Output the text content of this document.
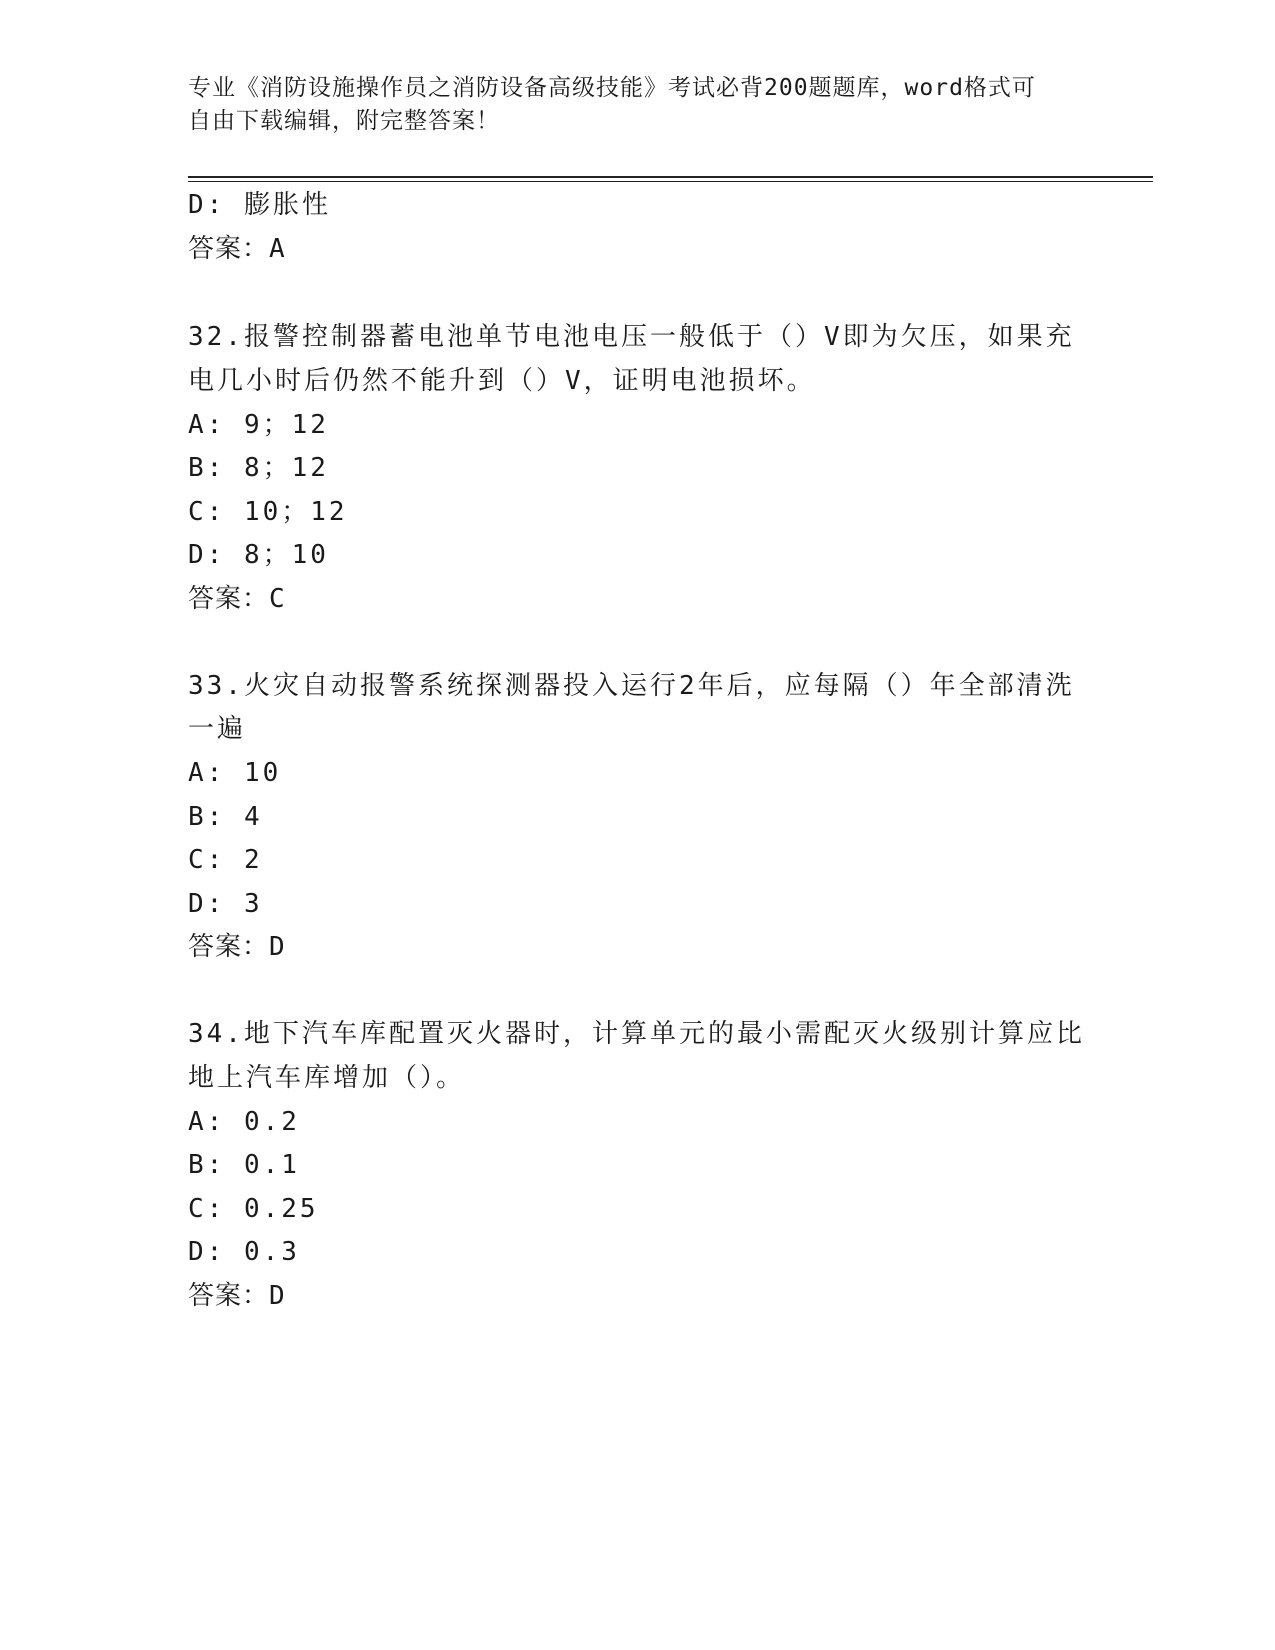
专业《消防设施操作员之消防设备高级技能》考试必背200题题库，word格式可
自由下载编辑，附完整答案！
D: 膨胀性
答案：A
32.报警控制器蓄电池单节电池电压一般低于（）V即为欠压，如果充
电几小时后仍然不能升到（）V，证明电池损坏。
A: 9；12
B: 8；12
C: 10；12
D: 8；10
答案：C
33.火灾自动报警系统探测器投入运行2年后，应每隔（）年全部清洗
一遍
A: 10
B: 4
C: 2
D: 3
答案：D
34.地下汽车库配置灭火器时，计算单元的最小需配灭火级别计算应比
地上汽车库增加（）。
A: 0.2
B: 0.1
C: 0.25
D: 0.3
答案：D
